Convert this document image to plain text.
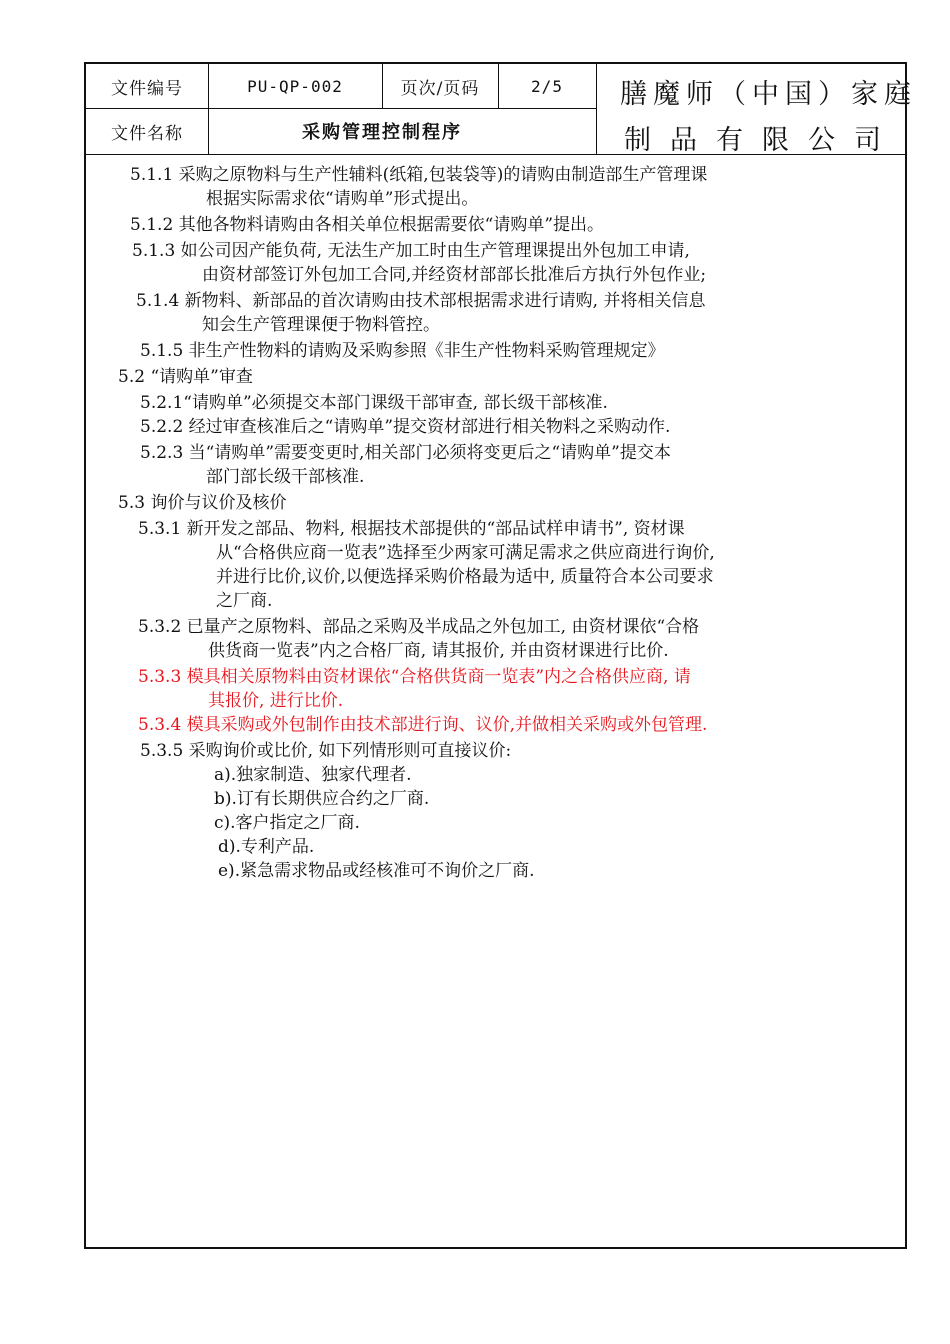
文件编号	PU-QP-002	页次/页码	2/5
文件名称	采购管理控制程序
膳魔师（中国）家庭
制品有限公司
5.1.1 采购之原物料与生产性辅料(纸箱,包装袋等)的请购由制造部生产管理课
根据实际需求依“请购单”形式提出。
5.1.2 其他各物料请购由各相关单位根据需要依“请购单”提出。
5.1.3 如公司因产能负荷, 无法生产加工时由生产管理课提出外包加工申请,
由资材部签订外包加工合同,并经资材部部长批准后方执行外包作业;
5.1.4 新物料、新部品的首次请购由技术部根据需求进行请购, 并将相关信息
知会生产管理课便于物料管控。
5.1.5 非生产性物料的请购及采购参照《非生产性物料采购管理规定》
5.2 “请购单”审查
5.2.1“请购单”必须提交本部门课级干部审查, 部长级干部核准.
5.2.2 经过审查核准后之“请购单”提交资材部进行相关物料之采购动作.
5.2.3 当“请购单”需要变更时,相关部门必须将变更后之“请购单”提交本
部门部长级干部核准.
5.3 询价与议价及核价
5.3.1 新开发之部品、物料, 根据技术部提供的“部品试样申请书”, 资材课
从“合格供应商一览表”选择至少两家可满足需求之供应商进行询价,
并进行比价,议价,以便选择采购价格最为适中, 质量符合本公司要求
之厂商.
5.3.2 已量产之原物料、部品之采购及半成品之外包加工, 由资材课依“合格
供货商一览表”内之合格厂商, 请其报价, 并由资材课进行比价.
5.3.3 模具相关原物料由资材课依“合格供货商一览表”内之合格供应商, 请
其报价, 进行比价.
5.3.4 模具采购或外包制作由技术部进行询、议价,并做相关采购或外包管理.
5.3.5 采购询价或比价, 如下列情形则可直接议价:
a).独家制造、独家代理者.
b).订有长期供应合约之厂商.
c).客户指定之厂商.
d).专利产品.
e).紧急需求物品或经核准可不询价之厂商.
